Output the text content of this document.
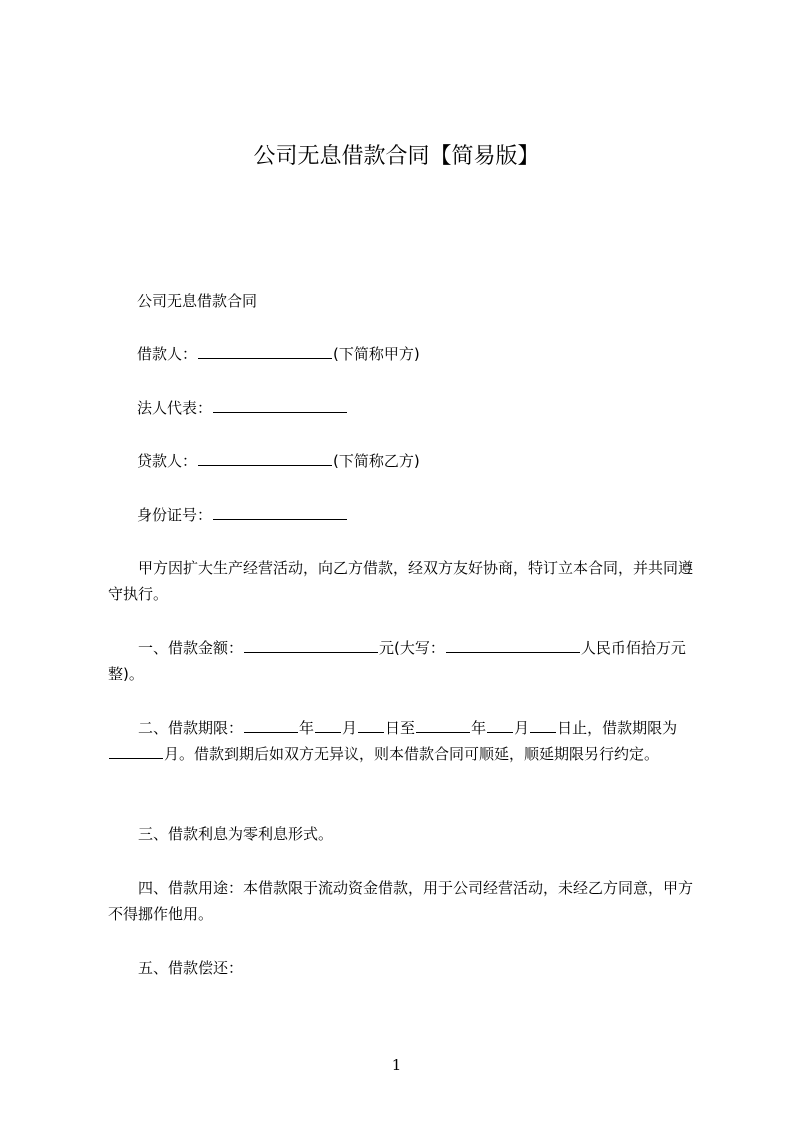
公司无息借款合同【简易版】

公司无息借款合同

借款人：	(下简称甲方)

法人代表：

贷款人：	(下简称乙方)

身份证号：

甲方因扩大生产经营活动，向乙方借款，经双方友好协商，特订立本合同，并共同遵守执行。

一、借款金额：	元(大写：	人民币佰拾万元整)。

二、借款期限：	年 月 日至	年 月 日止，借款期限为月。借款到期后如双方无异议，则本借款合同可顺延，顺延期限另行约定。

三、借款利息为零利息形式。

四、借款用途：本借款限于流动资金借款，用于公司经营活动，未经乙方同意，甲方不得挪作他用。

五、借款偿还：

1
